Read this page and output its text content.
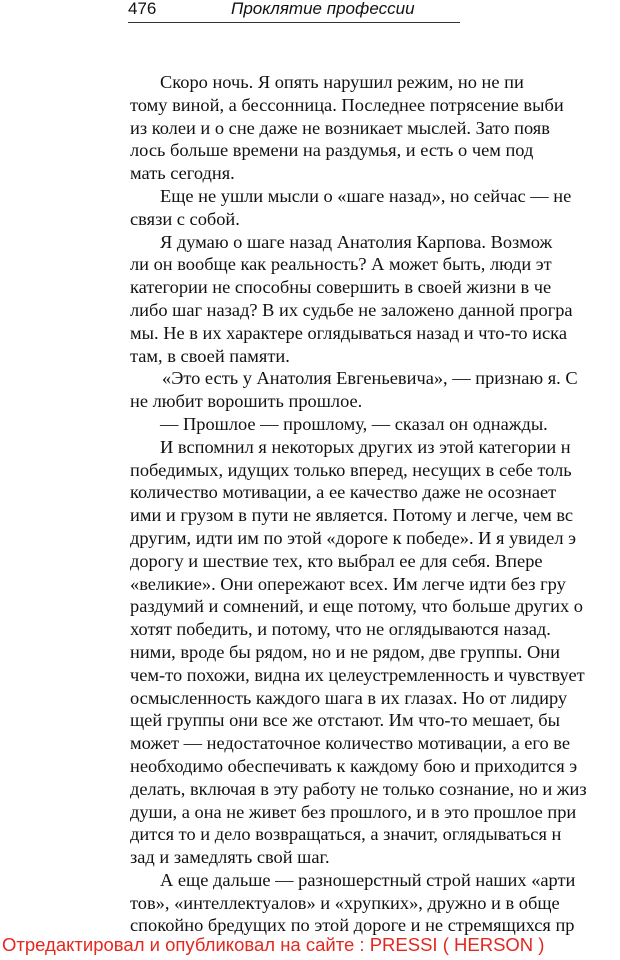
476	Проклятие профессии
Скоро ночь. Я опять нарушил режим, но не пи
тому виной, а бессонница. Последнее потрясение выби
из колеи и о сне даже не возникает мыслей. Зато появ
лось больше времени на раздумья, и есть о чем под
мать сегодня.
Еще не ушли мысли о «шаге назад», но сейчас — не
связи с собой.
Я думаю о шаге назад Анатолия Карпова. Возмож
ли он вообще как реальность? А может быть, люди эт
категории не способны совершить в своей жизни в че
либо шаг назад? В их судьбе не заложено данной програ
мы. Не в их характере оглядываться назад и что-то иска
там, в своей памяти.
«Это есть у Анатолия Евгеньевича», — признаю я. С
не любит ворошить прошлое.
— Прошлое — прошлому, — сказал он однажды.
И вспомнил я некоторых других из этой категории н
победимых, идущих только вперед, несущих в себе толь
количество мотивации, а ее качество даже не осознает
ими и грузом в пути не является. Потому и легче, чем вс
другим, идти им по этой «дороге к победе». И я увидел э
дорогу и шествие тех, кто выбрал ее для себя. Впере
«великие». Они опережают всех. Им легче идти без гру
раздумий и сомнений, и еще потому, что больше других о
хотят победить, и потому, что не оглядываются назад.
ними, вроде бы рядом, но и не рядом, две группы. Они
чем-то похожи, видна их целеустремленность и чувствует
осмысленность каждого шага в их глазах. Но от лидиру
щей группы они все же отстают. Им что-то мешает, бы
может — недостаточное количество мотивации, а его ве
необходимо обеспечивать к каждому бою и приходится э
делать, включая в эту работу не только сознание, но и жиз
души, а она не живет без прошлого, и в это прошлое при
дится то и дело возвращаться, а значит, оглядываться н
зад и замедлять свой шаг.
А еще дальше — разношерстный строй наших «арти
тов», «интеллектуалов» и «хрупких», дружно и в обще
спокойно бредущих по этой дороге и не стремящихся пр
Отредактировал и опубликовал на сайте : PRESSI ( HERSON )
